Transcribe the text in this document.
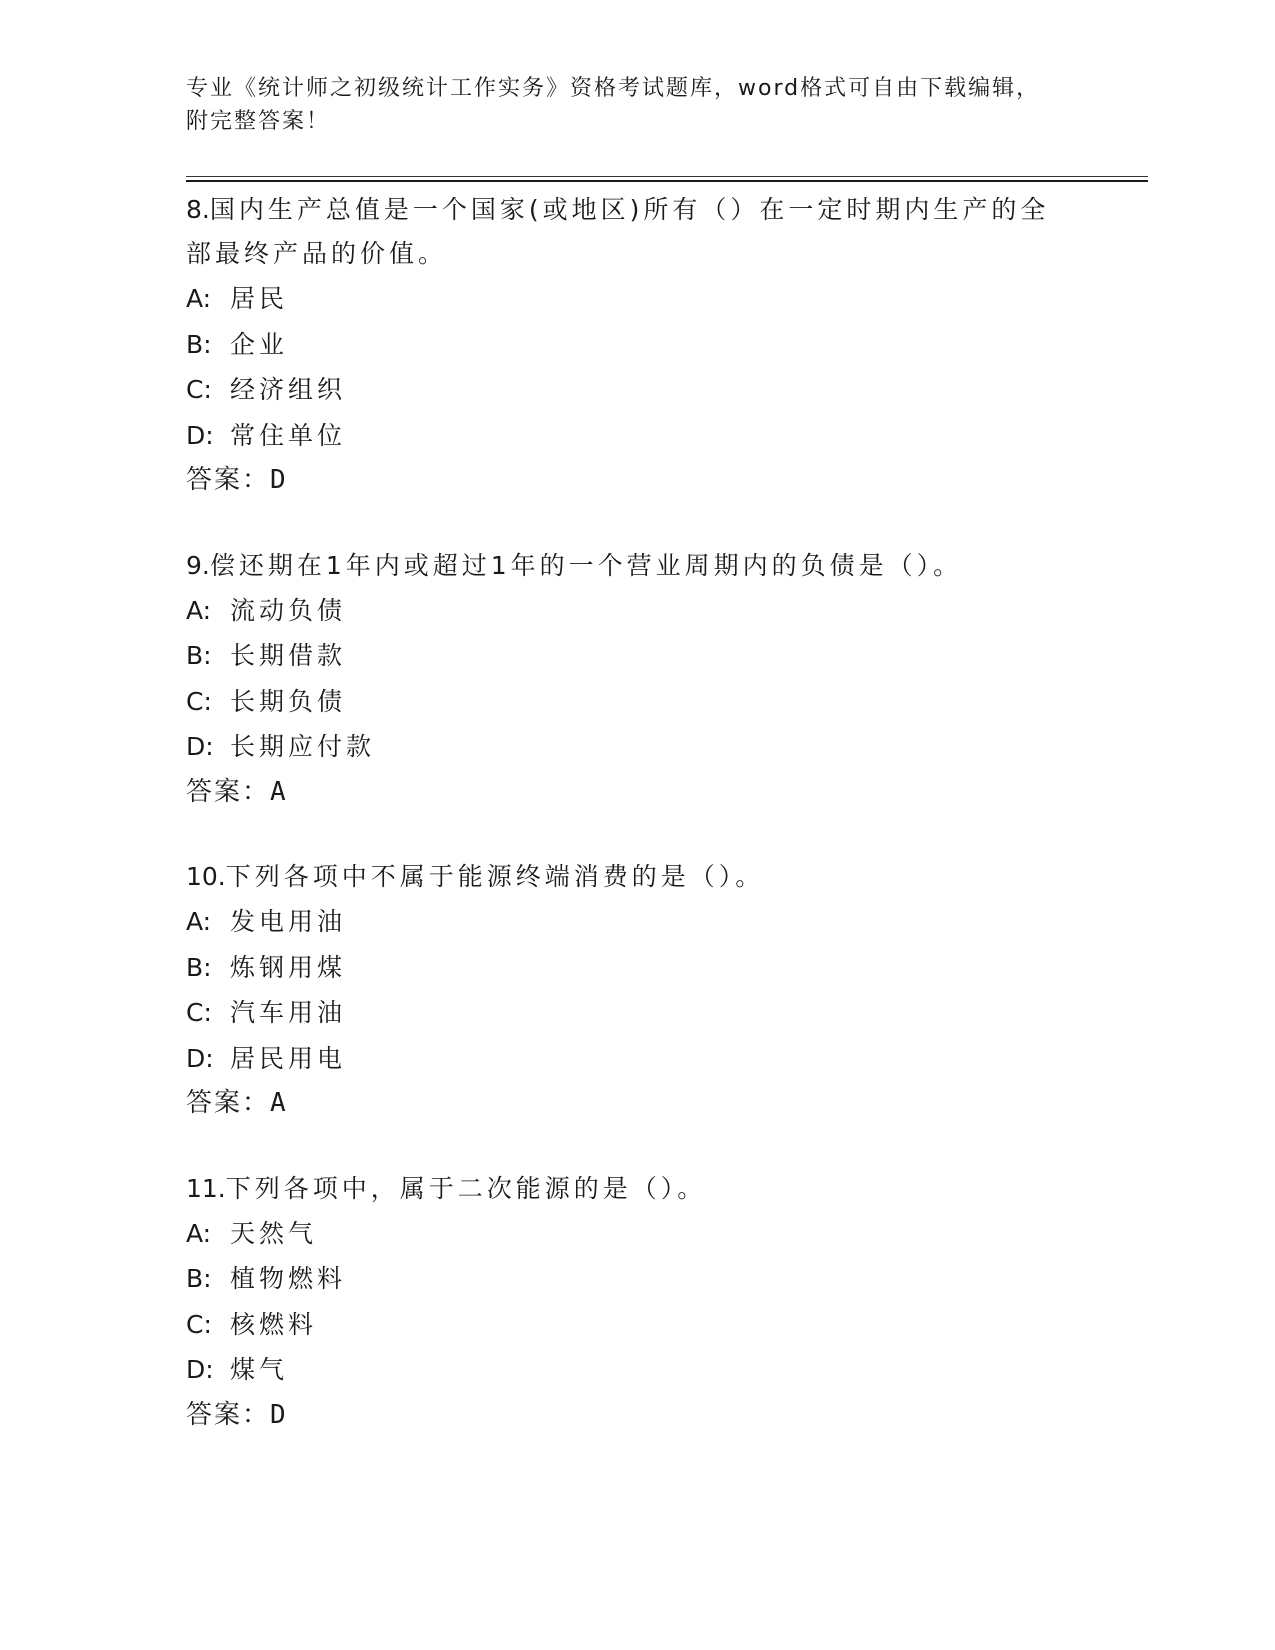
专业《统计师之初级统计工作实务》资格考试题库，word格式可自由下载编辑，
附完整答案！

8.国内生产总值是一个国家(或地区)所有（）在一定时期内生产的全

部最终产品的价值。

A: 居民
B: 企业
C: 经济组织
D: 常住单位
答案：D

9.偿还期在1年内或超过1年的一个营业周期内的负债是（）。

A: 流动负债
B: 长期借款
C: 长期负债
D: 长期应付款
答案：A

10.下列各项中不属于能源终端消费的是（）。

A: 发电用油
B: 炼钢用煤
C: 汽车用油
D: 居民用电
答案：A

11.下列各项中，属于二次能源的是（）。

A: 天然气
B: 植物燃料
C: 核燃料
D: 煤气
答案：D
